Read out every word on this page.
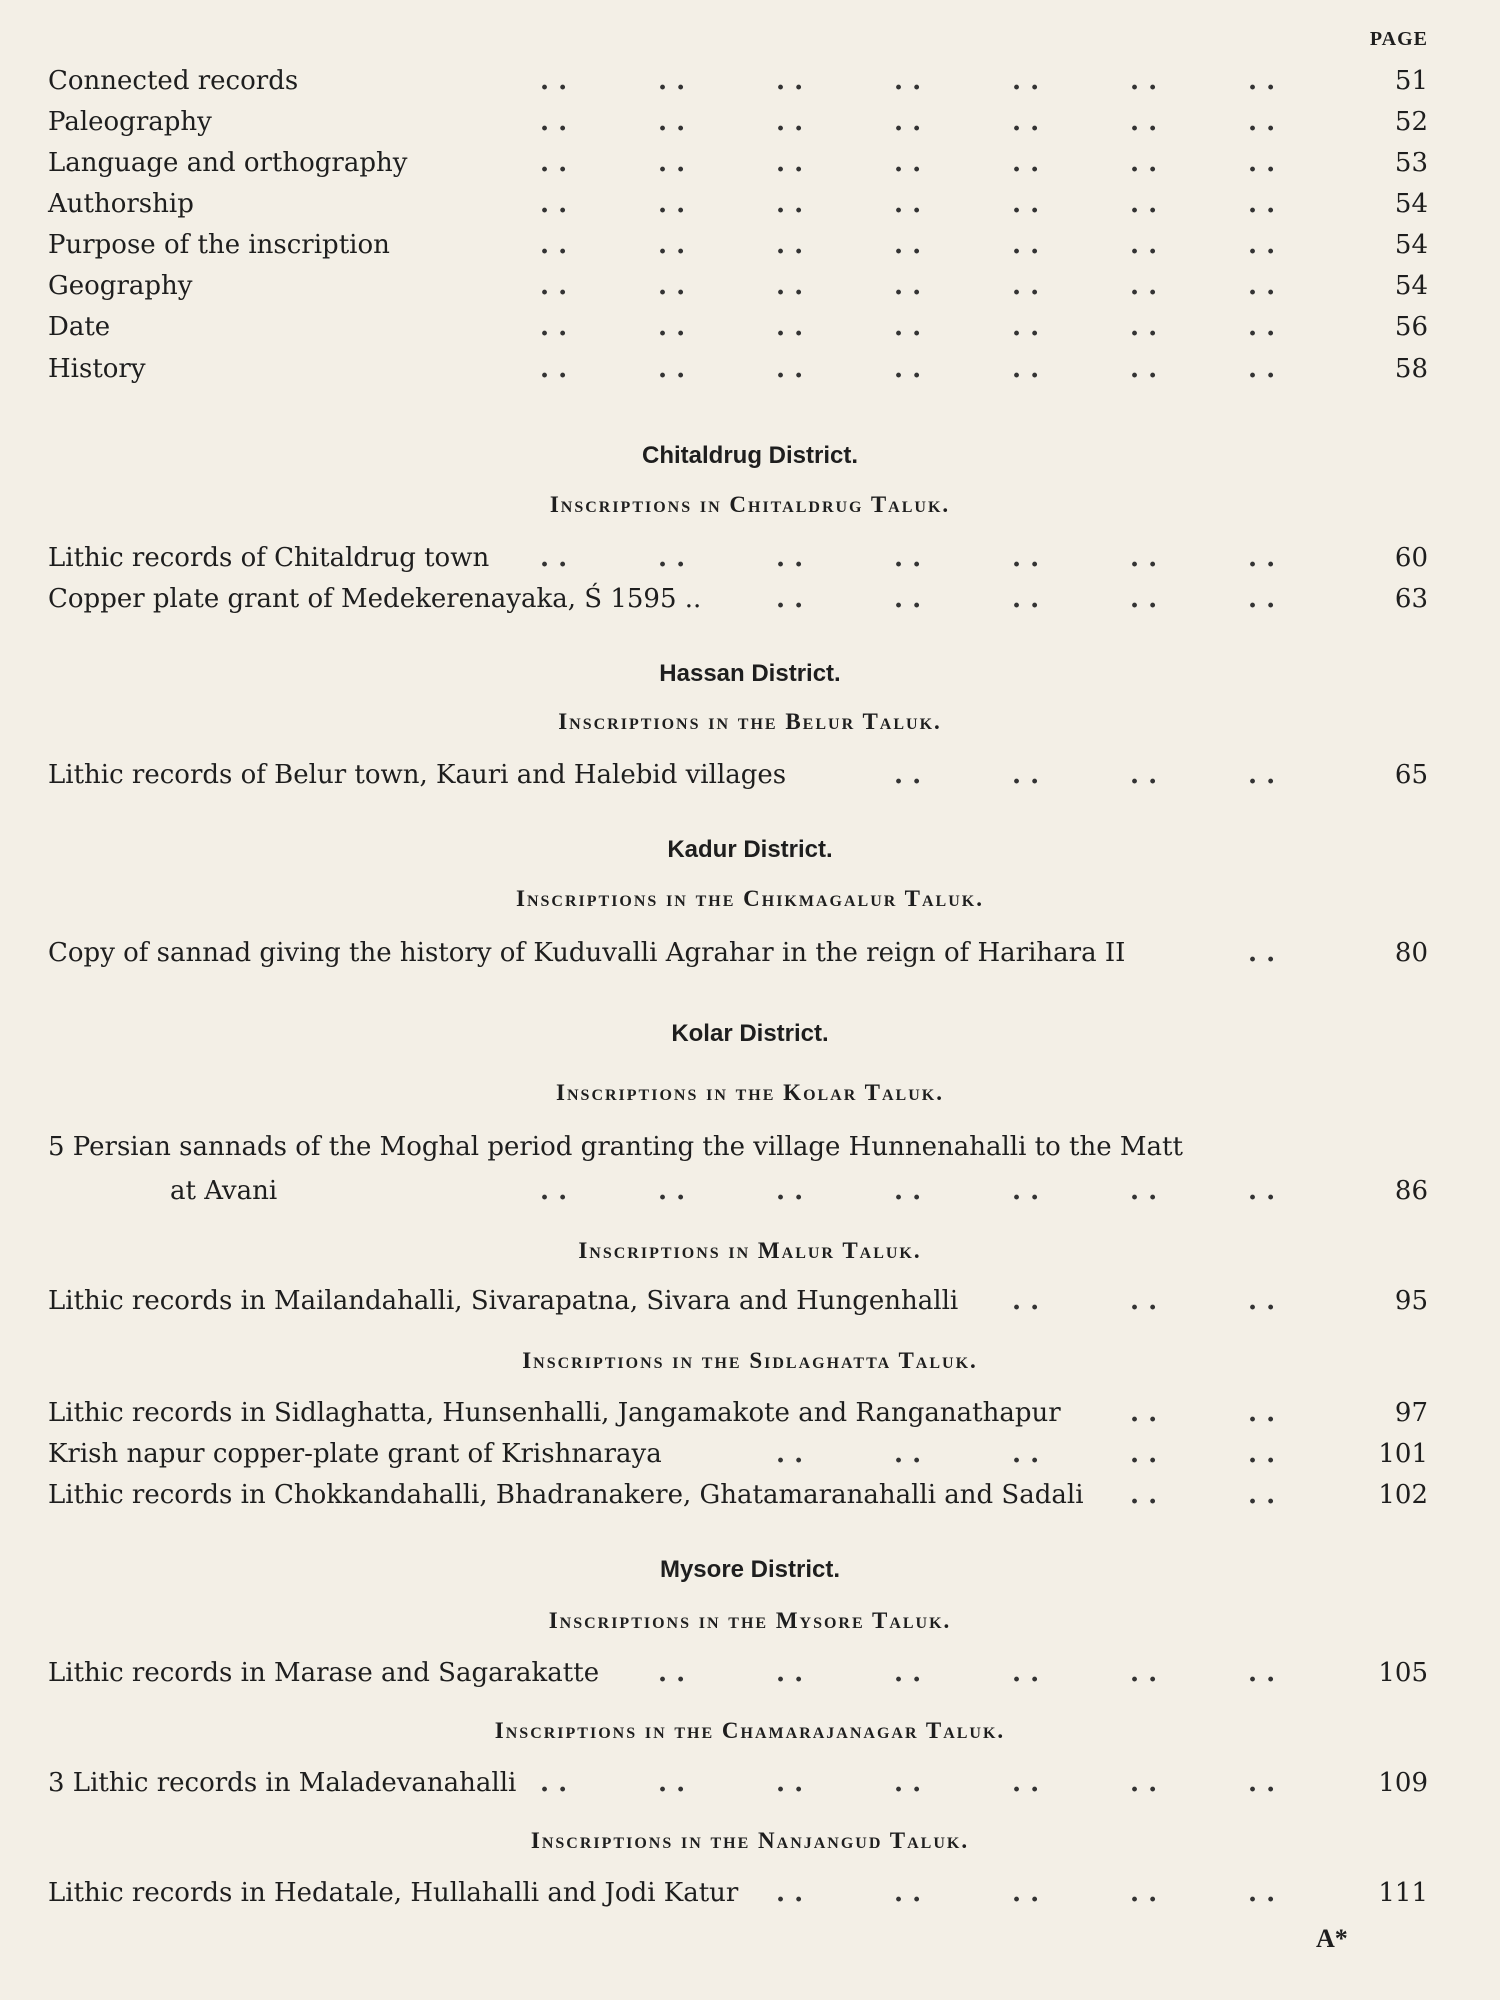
PAGE
Connected records	51
. .	. .	. .	. .	. .	. .	. .
Paleography	52
. .	. .	. .	. .	. .	. .	. .
Language and orthography	53
. .	. .	. .	. .	. .	. .	. .
Authorship	54
. .	. .	. .	. .	. .	. .	. .
Purpose of the inscription	54
. .	. .	. .	. .	. .	. .	. .
Geography	54
. .	. .	. .	. .	. .	. .	. .
Date	56
. .	. .	. .	. .	. .	. .	. .
History	58
. .	. .	. .	. .	. .	. .	. .
Chitaldrug District.
Inscriptions in Chitaldrug Taluk.
Lithic records of Chitaldrug town	60
. .	. .	. .	. .	. .	. .	. .
Copper plate grant of Medekerenayaka, Ś 1595 ..	63
. .	. .	. .	. .	. .
Hassan District.
Inscriptions in the Belur Taluk.
Lithic records of Belur town, Kauri and Halebid villages	65
. .	. .	. .	. .
Kadur District.
Inscriptions in the Chikmagalur Taluk.
Copy of sannad giving the history of Kuduvalli Agrahar in the reign of Harihara II	80
. .
Kolar District.
Inscriptions in the Kolar Taluk.
5 Persian sannads of the Moghal period granting the village Hunnenahalli to the Matt
at Avani	86
. .	. .	. .	. .	. .	. .	. .
Inscriptions in Malur Taluk.
Lithic records in Mailandahalli, Sivarapatna, Sivara and Hungenhalli	95
. .	. .	. .
Inscriptions in the Sidlaghatta Taluk.
Lithic records in Sidlaghatta, Hunsenhalli, Jangamakote and Ranganathapur	97
. .	. .
Krish napur copper-plate grant of Krishnaraya	101
. .	. .	. .	. .	. .
Lithic records in Chokkandahalli, Bhadranakere, Ghatamaranahalli and Sadali	102
. .	. .
Mysore District.
Inscriptions in the Mysore Taluk.
Lithic records in Marase and Sagarakatte	105
. .	. .	. .	. .	. .	. .
Inscriptions in the Chamarajanagar Taluk.
3 Lithic records in Maladevanahalli	109
. .	. .	. .	. .	. .	. .	. .
Inscriptions in the Nanjangud Taluk.
Lithic records in Hedatale, Hullahalli and Jodi Katur	111
. .	. .	. .	. .	. .
A*
